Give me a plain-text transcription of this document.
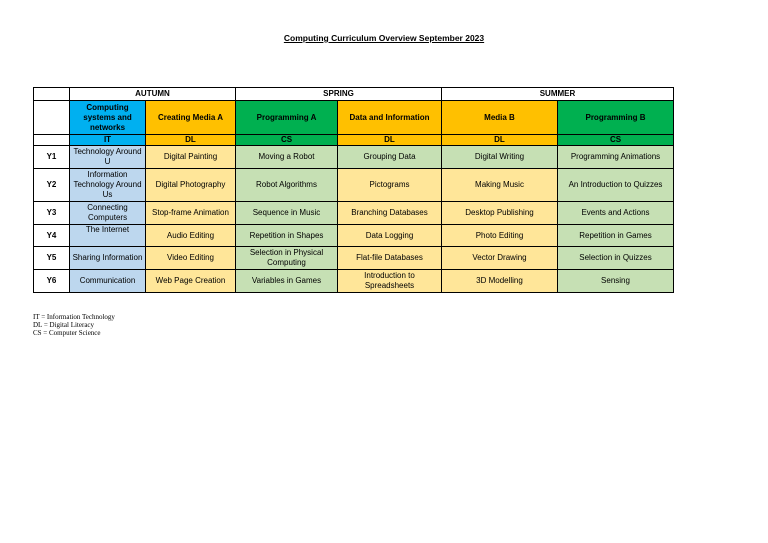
Computing Curriculum Overview September 2023
	AUTUMN		SPRING		SUMMER	
	Computing systems and networks	Creating Media A	Programming A	Data and Information	Media B	Programming B
	IT	DL	CS	DL	DL	CS
Y1	Technology Around U	Digital Painting	Moving a Robot	Grouping Data	Digital Writing	Programming Animations
Y2	Information Technology Around Us	Digital Photography	Robot Algorithms	Pictograms	Making Music	An Introduction to Quizzes
Y3	Connecting Computers	Stop-frame Animation	Sequence in Music	Branching Databases	Desktop Publishing	Events and Actions
Y4	The Internet	Audio Editing	Repetition in Shapes	Data Logging	Photo Editing	Repetition in Games
Y5	Sharing Information	Video Editing	Selection in Physical Computing	Flat-file Databases	Vector Drawing	Selection in Quizzes
Y6	Communication	Web Page Creation	Variables in Games	Introduction to Spreadsheets	3D Modelling	Sensing
IT = Information Technology
DL = Digital Literacy
CS = Computer Science
